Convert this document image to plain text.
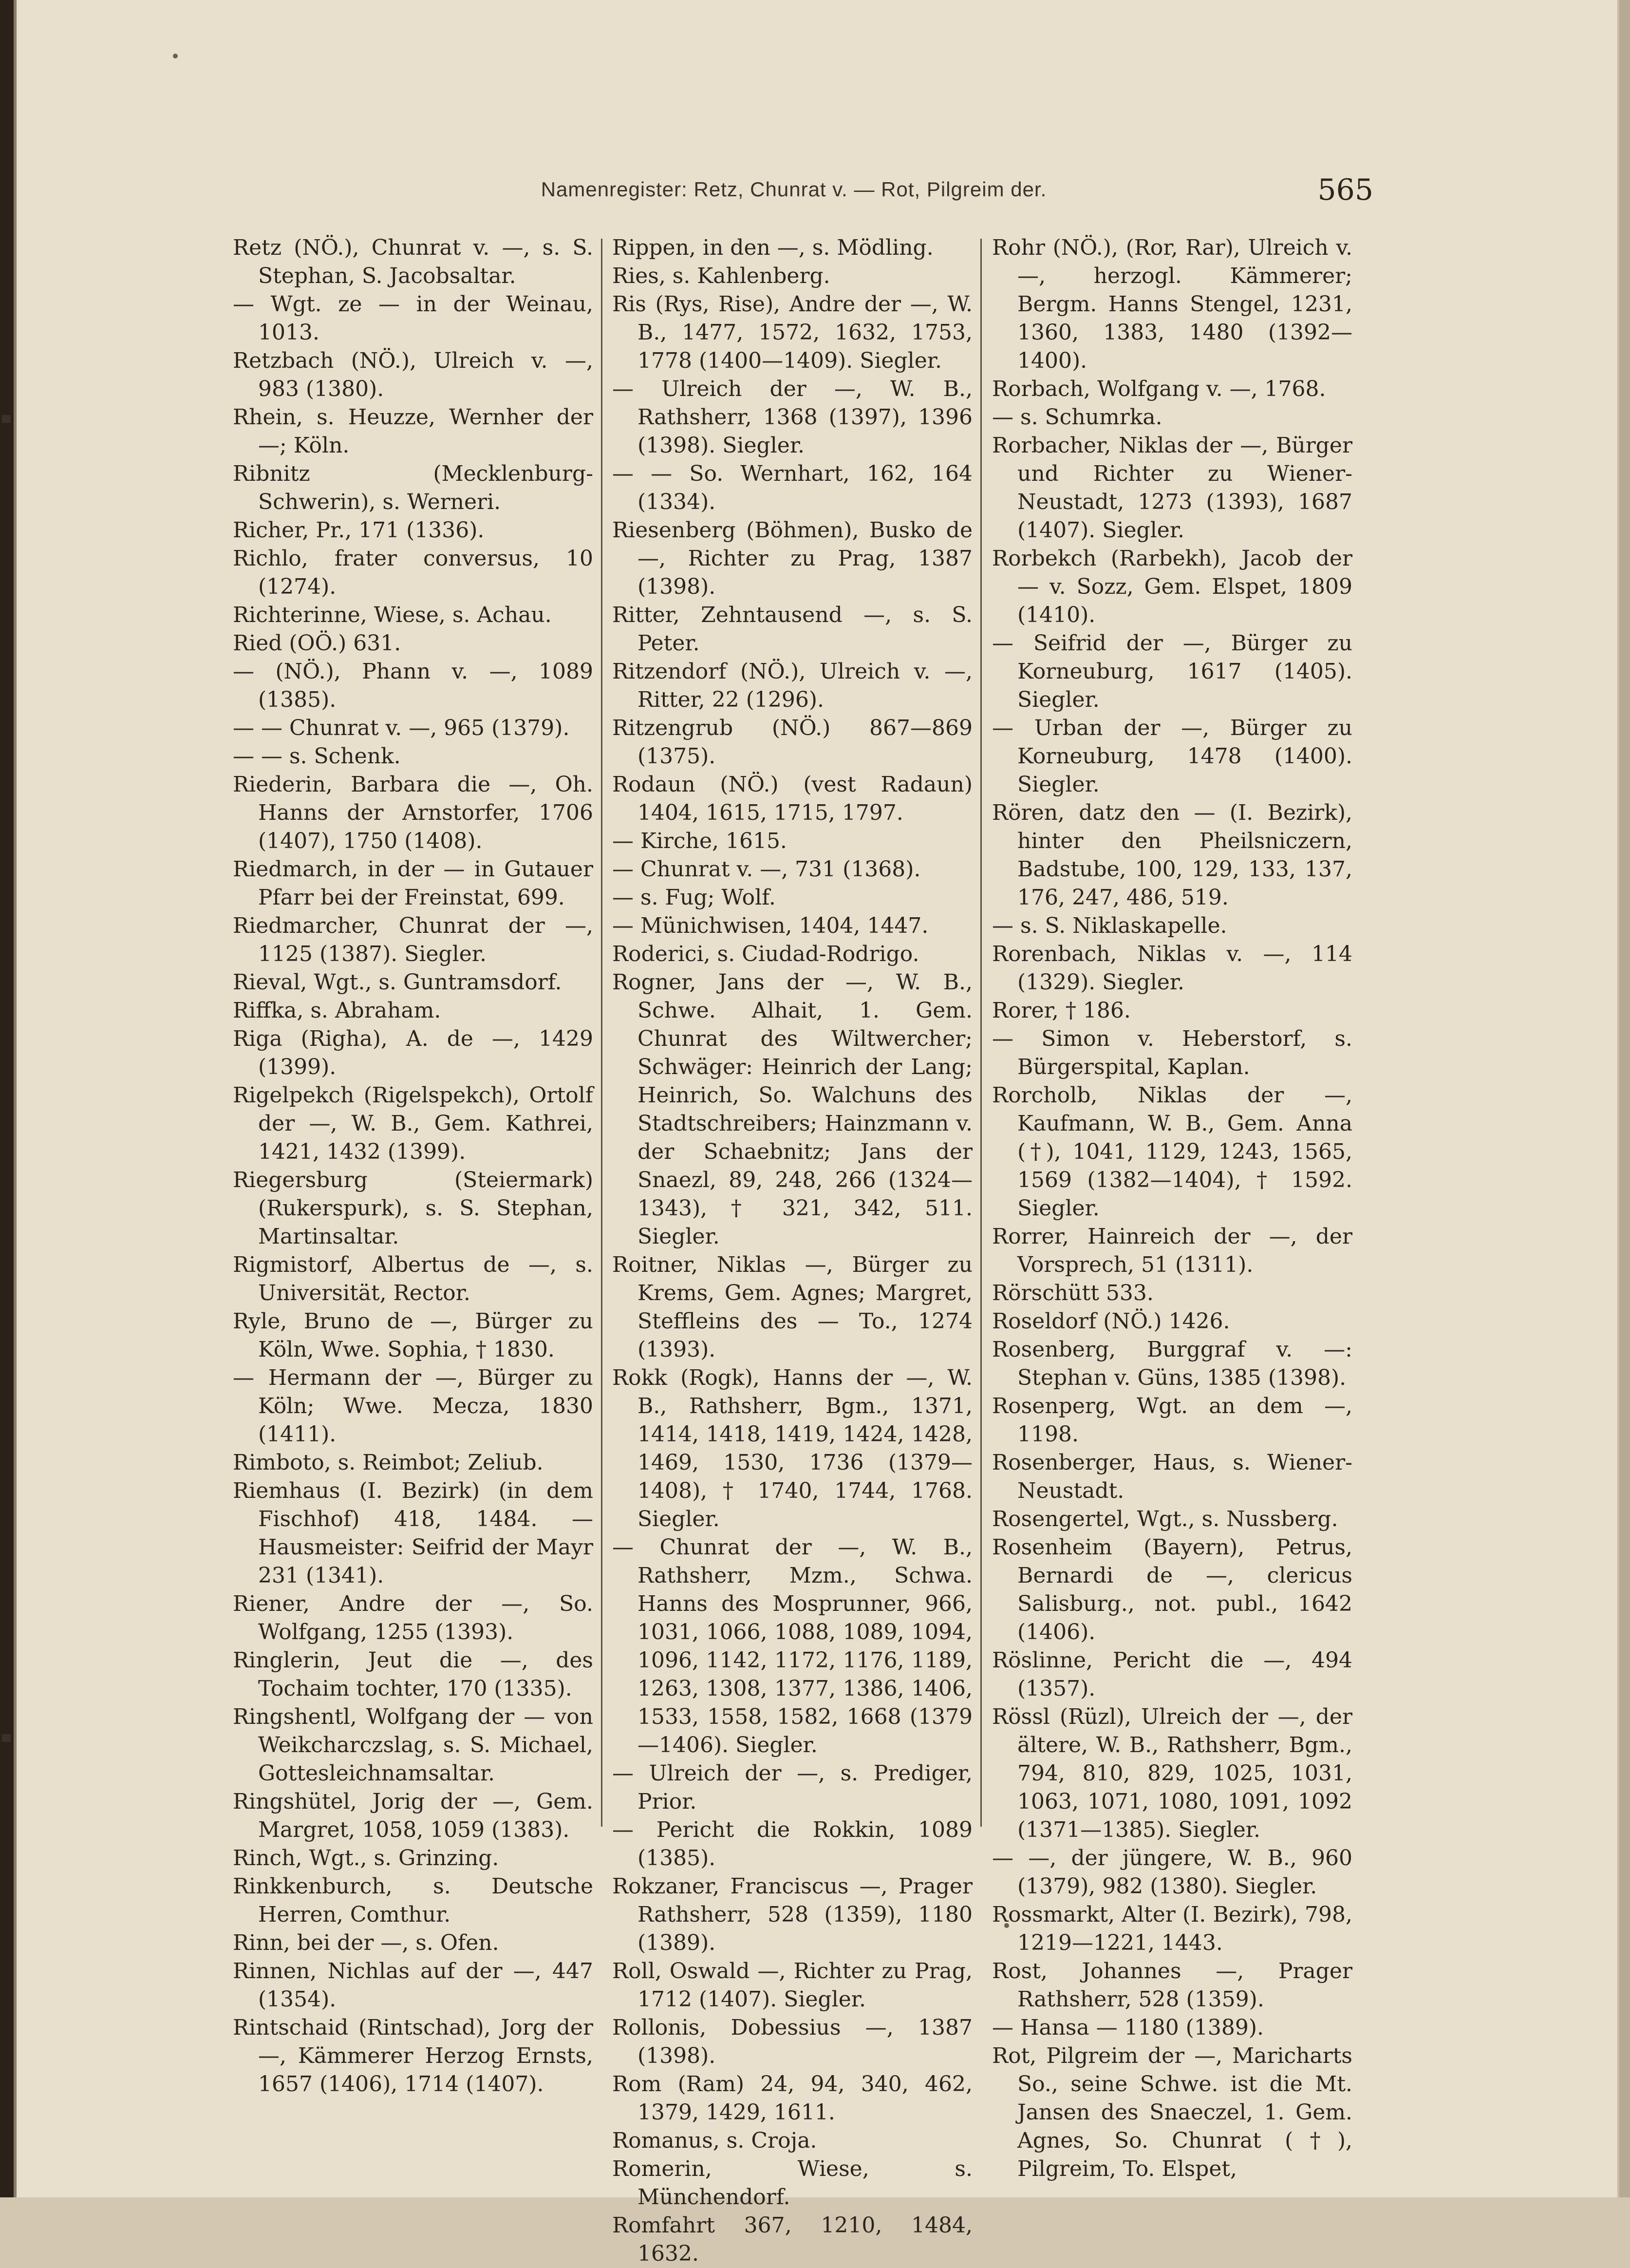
Namenregister: Retz, Chunrat v. — Rot, Pilgreim der.	565

Retz (NÖ.), Chunrat v. —, s. S. Stephan, S. Jacobsaltar.

— Wgt. ze — in der Weinau, 1013.

Retzbach (NÖ.), Ulreich v. —, 983 (1380).

Rhein, s. Heuzze, Wernher der —; Köln.

Ribnitz (Mecklenburg-Schwerin), s. Werneri.

Richer, Pr., 171 (1336).

Richlo, frater conversus, 10 (1274).

Richterinne, Wiese, s. Achau.

Ried (OÖ.) 631.

— (NÖ.), Phann v. —, 1089 (1385).

— — Chunrat v. —, 965 (1379).

— — s. Schenk.

Riederin, Barbara die —, Oh. Hanns der Arnstorfer, 1706 (1407), 1750 (1408).

Riedmarch, in der — in Gutauer Pfarr bei der Freinstat, 699.

Riedmarcher, Chunrat der —, 1125 (1387). Siegler.

Rieval, Wgt., s. Guntramsdorf.

Riffka, s. Abraham.

Riga (Righa), A. de —, 1429 (1399).

Rigelpekch (Rigelspekch), Ortolf der —, W. B., Gem. Kathrei, 1421, 1432 (1399).

Riegersburg (Steiermark) (Rukerspurk), s. S. Stephan, Martinsaltar.

Rigmistorf, Albertus de —, s. Universität, Rector.

Ryle, Bruno de —, Bürger zu Köln, Wwe. Sophia, † 1830.

— Hermann der —, Bürger zu Köln; Wwe. Mecza, 1830 (1411).

Rimboto, s. Reimbot; Zeliub.

Riemhaus (I. Bezirk) (in dem Fischhof) 418, 1484. — Hausmeister: Seifrid der Mayr 231 (1341).

Riener, Andre der —, So. Wolfgang, 1255 (1393).

Ringlerin, Jeut die —, des Tochaim tochter, 170 (1335).

Ringshentl, Wolfgang der — von Weikcharczslag, s. S. Michael, Gottesleichnamsaltar.

Ringshütel, Jorig der —, Gem. Margret, 1058, 1059 (1383).

Rinch, Wgt., s. Grinzing.

Rinkkenburch, s. Deutsche Herren, Comthur.

Rinn, bei der —, s. Ofen.

Rinnen, Nichlas auf der —, 447 (1354).

Rintschaid (Rintschad), Jorg der —, Kämmerer Herzog Ernsts, 1657 (1406), 1714 (1407).

Rippen, in den —, s. Mödling.

Ries, s. Kahlenberg.

Ris (Rys, Rise), Andre der —, W. B., 1477, 1572, 1632, 1753, 1778 (1400—1409). Siegler.

— Ulreich der —, W. B., Rathsherr, 1368 (1397), 1396 (1398). Siegler.

— — So. Wernhart, 162, 164 (1334).

Riesenberg (Böhmen), Busko de —, Richter zu Prag, 1387 (1398).

Ritter, Zehntausend —, s. S. Peter.

Ritzendorf (NÖ.), Ulreich v. —, Ritter, 22 (1296).

Ritzengrub (NÖ.) 867—869 (1375).

Rodaun (NÖ.) (vest Radaun) 1404, 1615, 1715, 1797.

— Kirche, 1615.

— Chunrat v. —, 731 (1368).

— s. Fug; Wolf.

— Münichwisen, 1404, 1447.

Roderici, s. Ciudad-Rodrigo.

Rogner, Jans der —, W. B., Schwe. Alhait, 1. Gem. Chunrat des Wiltwercher; Schwäger: Heinrich der Lang; Heinrich, So. Walchuns des Stadtschreibers; Hainzmann v. der Schaebnitz; Jans der Snaezl, 89, 248, 266 (1324—1343), † 321, 342, 511. Siegler.

Roitner, Niklas —, Bürger zu Krems, Gem. Agnes; Margret, Steffleins des — To., 1274 (1393).

Rokk (Rogk), Hanns der —, W. B., Rathsherr, Bgm., 1371, 1414, 1418, 1419, 1424, 1428, 1469, 1530, 1736 (1379—1408), † 1740, 1744, 1768. Siegler.

— Chunrat der —, W. B., Rathsherr, Mzm., Schwa. Hanns des Mosprunner, 966, 1031, 1066, 1088, 1089, 1094, 1096, 1142, 1172, 1176, 1189, 1263, 1308, 1377, 1386, 1406, 1533, 1558, 1582, 1668 (1379—1406). Siegler.

— Ulreich der —, s. Prediger, Prior.

— Pericht die Rokkin, 1089 (1385).

Rokzaner, Franciscus —, Prager Rathsherr, 528 (1359), 1180 (1389).

Roll, Oswald —, Richter zu Prag, 1712 (1407). Siegler.

Rollonis, Dobessius —, 1387 (1398).

Rom (Ram) 24, 94, 340, 462, 1379, 1429, 1611.

Romanus, s. Croja.

Romerin, Wiese, s. Münchendorf.

Romfahrt 367, 1210, 1484, 1632.

Rohr (NÖ.), (Ror, Rar), Ulreich v. —, herzogl. Kämmerer; Bergm. Hanns Stengel, 1231, 1360, 1383, 1480 (1392—1400).

Rorbach, Wolfgang v. —, 1768.

— s. Schumrka.

Rorbacher, Niklas der —, Bürger und Richter zu Wiener-Neustadt, 1273 (1393), 1687 (1407). Siegler.

Rorbekch (Rarbekh), Jacob der — v. Sozz, Gem. Elspet, 1809 (1410).

— Seifrid der —, Bürger zu Korneuburg, 1617 (1405). Siegler.

— Urban der —, Bürger zu Korneuburg, 1478 (1400). Siegler.

Rören, datz den — (I. Bezirk), hinter den Pheilsniczern, Badstube, 100, 129, 133, 137, 176, 247, 486, 519.

— s. S. Niklaskapelle.

Rorenbach, Niklas v. —, 114 (1329). Siegler.

Rorer, † 186.

— Simon v. Heberstorf, s. Bürgerspital, Kaplan.

Rorcholb, Niklas der —, Kaufmann, W. B., Gem. Anna (†), 1041, 1129, 1243, 1565, 1569 (1382—1404), † 1592. Siegler.

Rorrer, Hainreich der —, der Vorsprech, 51 (1311).

Rörschütt 533.

Roseldorf (NÖ.) 1426.

Rosenberg, Burggraf v. —: Stephan v. Güns, 1385 (1398).

Rosenperg, Wgt. an dem —, 1198.

Rosenberger, Haus, s. Wiener-Neustadt.

Rosengertel, Wgt., s. Nussberg.

Rosenheim (Bayern), Petrus, Bernardi de —, clericus Salisburg., not. publ., 1642 (1406).

Röslinne, Pericht die —, 494 (1357).

Rössl (Rüzl), Ulreich der —, der ältere, W. B., Rathsherr, Bgm., 794, 810, 829, 1025, 1031, 1063, 1071, 1080, 1091, 1092 (1371—1385). Siegler.

— —, der jüngere, W. B., 960 (1379), 982 (1380). Siegler.

Rossmarkt, Alter (I. Bezirk), 798, 1219—1221, 1443.

Rost, Johannes —, Prager Rathsherr, 528 (1359).

— Hansa — 1180 (1389).

Rot, Pilgreim der —, Maricharts So., seine Schwe. ist die Mt. Jansen des Snaeczel, 1. Gem. Agnes, So. Chunrat (†), Pilgreim, To. Elspet,
